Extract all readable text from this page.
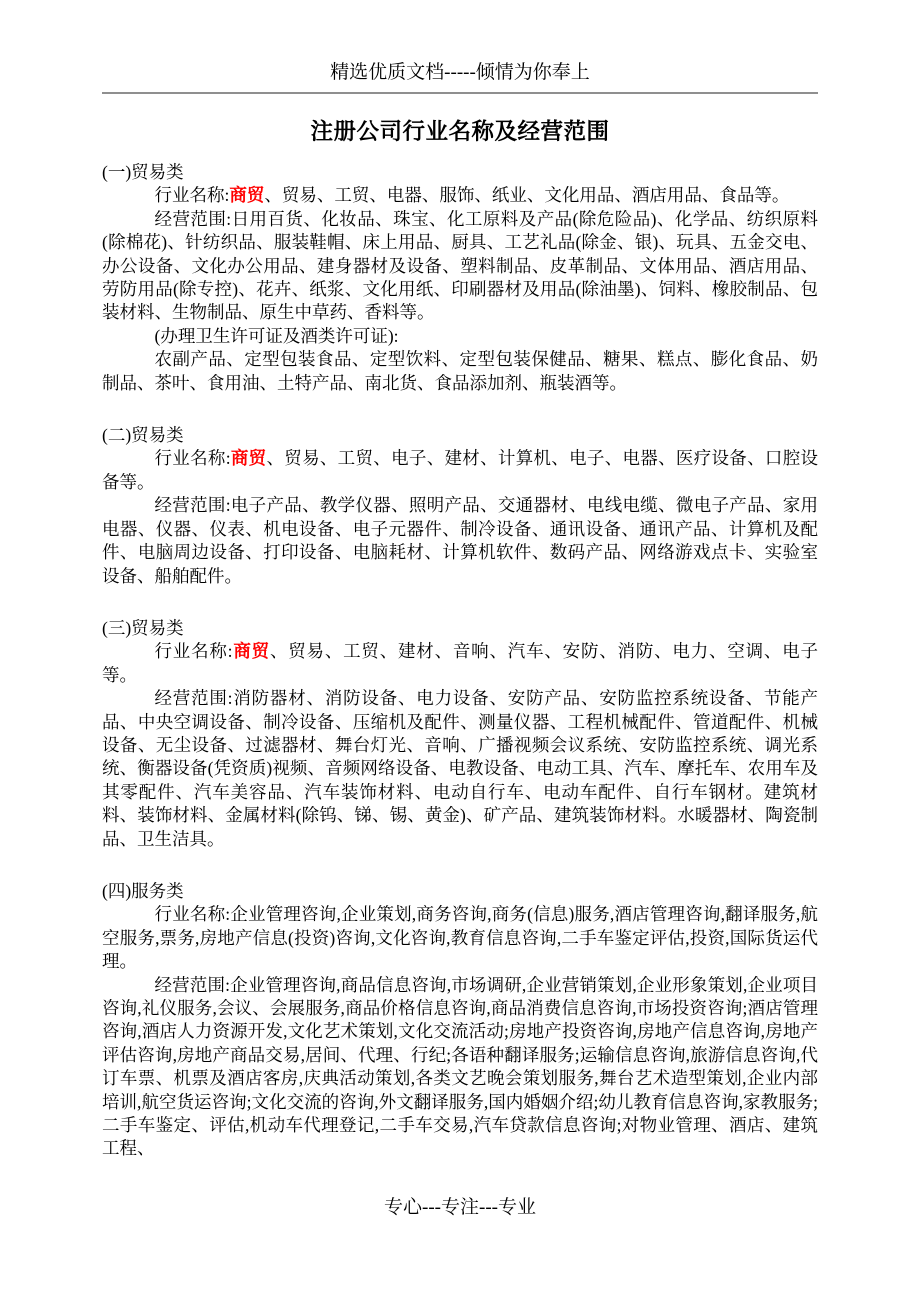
精选优质文档-----倾情为你奉上
注册公司行业名称及经营范围
(一)贸易类

行业名称:商贸、贸易、工贸、电器、服饰、纸业、文化用品、酒店用品、食品等。

经营范围:日用百货、化妆品、珠宝、化工原料及产品(除危险品)、化学品、纺织原料(除棉花)、针纺织品、服装鞋帽、床上用品、厨具、工艺礼品(除金、银)、玩具、五金交电、办公设备、文化办公用品、建身器材及设备、塑料制品、皮革制品、文体用品、酒店用品、劳防用品(除专控)、花卉、纸浆、文化用纸、印刷器材及用品(除油墨)、饲料、橡胶制品、包装材料、生物制品、原生中草药、香料等。

(办理卫生许可证及酒类许可证):

农副产品、定型包装食品、定型饮料、定型包装保健品、糖果、糕点、膨化食品、奶制品、茶叶、食用油、土特产品、南北货、食品添加剂、瓶装酒等。

(二)贸易类

行业名称:商贸、贸易、工贸、电子、建材、计算机、电子、电器、医疗设备、口腔设备等。

经营范围:电子产品、教学仪器、照明产品、交通器材、电线电缆、微电子产品、家用电器、仪器、仪表、机电设备、电子元器件、制冷设备、通讯设备、通讯产品、计算机及配件、电脑周边设备、打印设备、电脑耗材、计算机软件、数码产品、网络游戏点卡、实验室设备、船舶配件。

(三)贸易类

行业名称:商贸、贸易、工贸、建材、音响、汽车、安防、消防、电力、空调、电子等。

经营范围:消防器材、消防设备、电力设备、安防产品、安防监控系统设备、节能产品、中央空调设备、制冷设备、压缩机及配件、测量仪器、工程机械配件、管道配件、机械设备、无尘设备、过滤器材、舞台灯光、音响、广播视频会议系统、安防监控系统、调光系统、衡器设备(凭资质)视频、音频网络设备、电教设备、电动工具、汽车、摩托车、农用车及其零配件、汽车美容品、汽车装饰材料、电动自行车、电动车配件、自行车钢材。建筑材料、装饰材料、金属材料(除钨、锑、锡、黄金)、矿产品、建筑装饰材料。水暖器材、陶瓷制品、卫生洁具。

(四)服务类

行业名称:企业管理咨询,企业策划,商务咨询,商务(信息)服务,酒店管理咨询,翻译服务,航空服务,票务,房地产信息(投资)咨询,文化咨询,教育信息咨询,二手车鉴定评估,投资,国际货运代理。

经营范围:企业管理咨询,商品信息咨询,市场调研,企业营销策划,企业形象策划,企业项目咨询,礼仪服务,会议、会展服务,商品价格信息咨询,商品消费信息咨询,市场投资咨询;酒店管理咨询,酒店人力资源开发,文化艺术策划,文化交流活动;房地产投资咨询,房地产信息咨询,房地产评估咨询,房地产商品交易,居间、代理、行纪;各语种翻译服务;运输信息咨询,旅游信息咨询,代订车票、机票及酒店客房,庆典活动策划,各类文艺晚会策划服务,舞台艺术造型策划,企业内部培训,航空货运咨询;文化交流的咨询,外文翻译服务,国内婚姻介绍;幼儿教育信息咨询,家教服务;二手车鉴定、评估,机动车代理登记,二手车交易,汽车贷款信息咨询;对物业管理、酒店、建筑工程、

专心---专注---专业
